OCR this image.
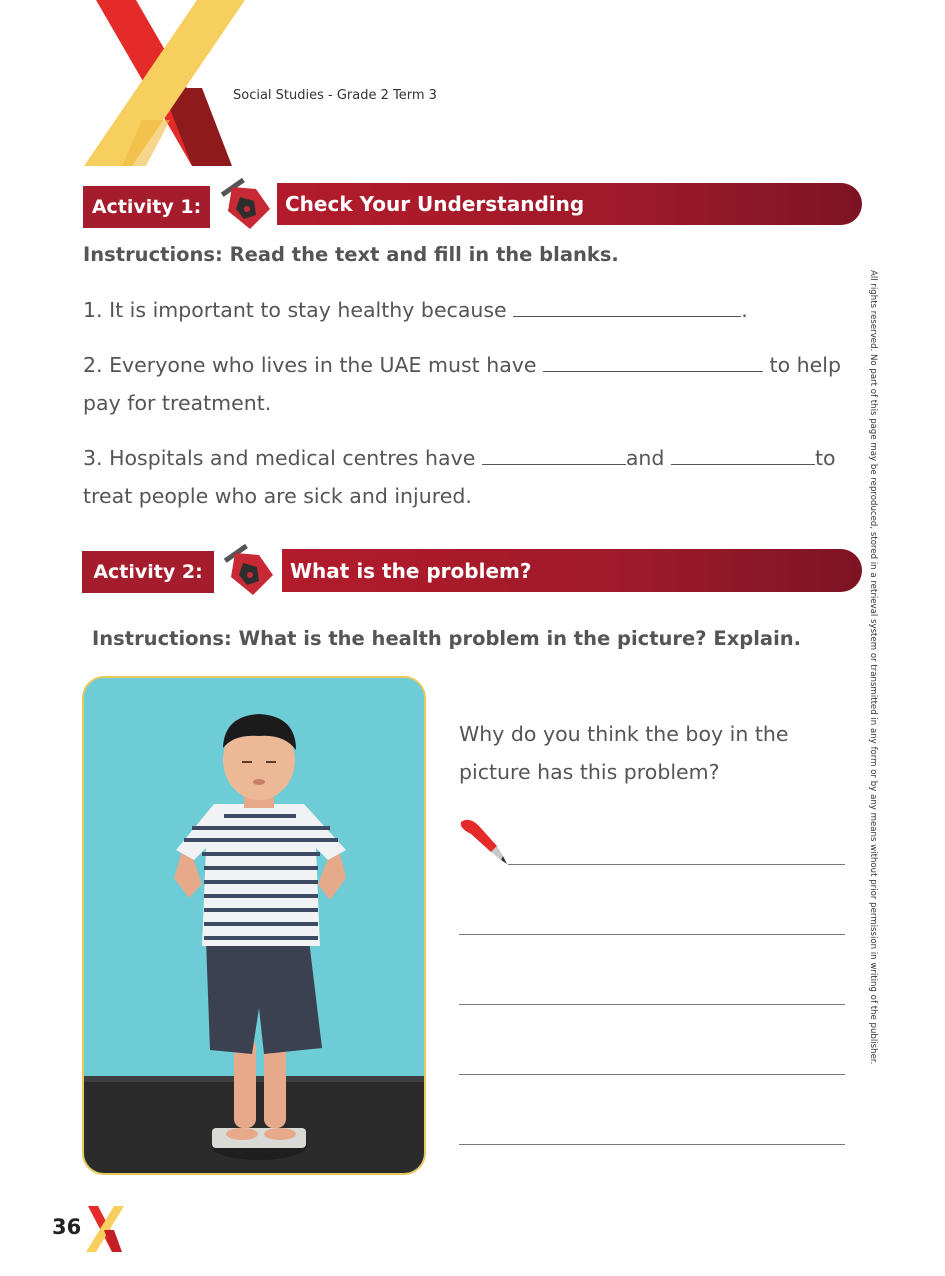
Social Studies - Grade 2 Term 3
Activity 1:	Check Your Understanding
Instructions: Read the text and fill in the blanks.
1. It is important to stay healthy because	.
2. Everyone who lives in the UAE must have	to help
pay for treatment.
3. Hospitals and medical centres have	and	to
treat people who are sick and injured.
Activity 2:	What is the problem?
Instructions: What is the health problem in the picture? Explain.
Why do you think the boy in the
picture has this problem?	All rights reserved. No part of this page may be reproduced, stored in a retrieval system or transmitted in any form or by any means without prior permission in writing of the publisher.
36
